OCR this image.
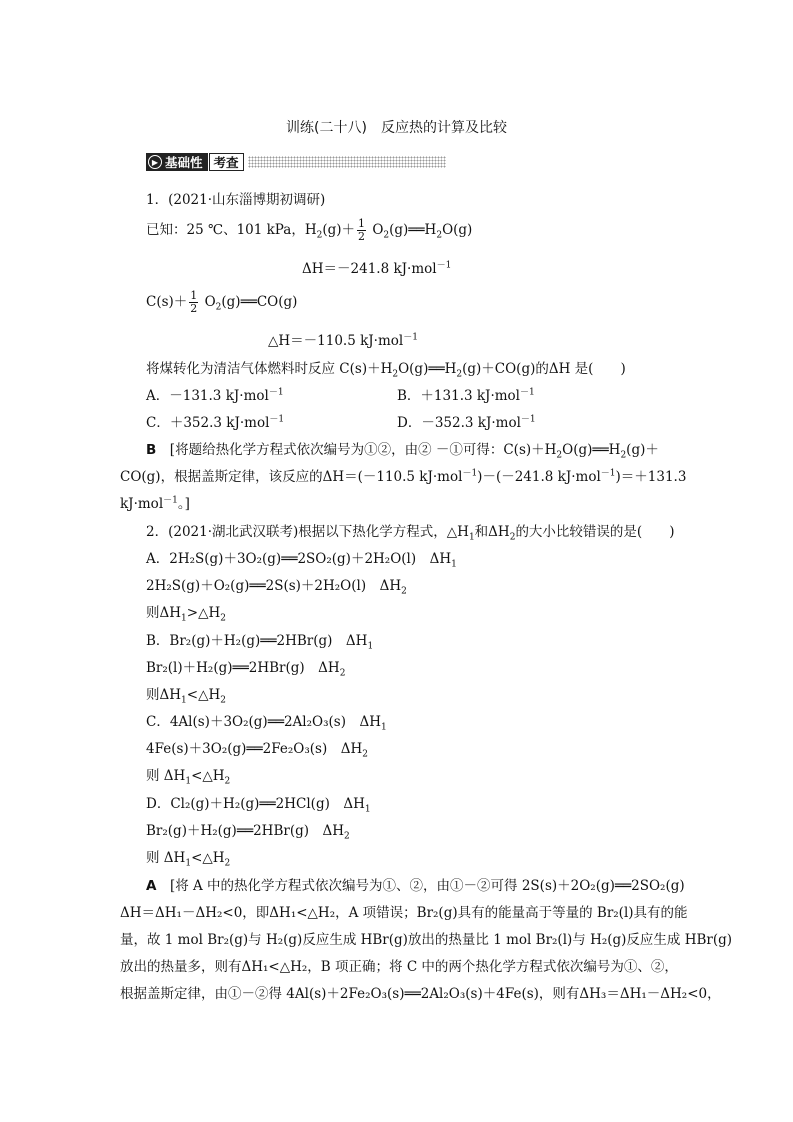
训练(二十八)　反应热的计算及比较
▶ 基础性 考查
1．(2021·山东淄博期初调研)
已知：25 ℃、101 kPa，$H_2(g)+ \frac{1}{2}$ $O_2(g)══H_2O(g)$
ΔH＝－241.8 kJ·mol$^{-1}$
$C(s)+ \frac{1}{2}$ $O_2(g)══CO(g)$
△H＝－110.5 kJ·mol$^{-1}$
将煤转化为清洁气体燃料时反应 $C(s)+H_2O(g)══H_2(g)+CO(g)$的ΔH 是(　　)
A．－131.3 kJ·mol$^{-1}$	B．＋131.3 kJ·mol$^{-1}$
C．＋352.3 kJ·mol$^{-1}$	D．－352.3 kJ·mol$^{-1}$
B　[将题给热化学方程式依次编号为①②，由② －①可得：$C(s)+H_2O(g)══H_2(g)+$
CO(g)，根据盖斯定律，该反应的ΔH＝(－110.5 kJ·mol$^{-1}$)－(－241.8 kJ·mol$^{-1}$)＝＋131.3
kJ·mol$^{-1}$。]
2．(2021·湖北武汉联考)根据以下热化学方程式，$\triangle H_1$和$\Delta H_2$的大小比较错误的是(　　)
A．2H₂S(g)＋3O₂(g)══2SO₂(g)＋2H₂O(l)　$\Delta H_1$
2H₂S(g)＋O₂(g)══2S(s)＋2H₂O(l)　$\Delta H_2$
则$\Delta H_1>\triangle H_2$
B．Br₂(g)＋H₂(g)══2HBr(g)　$\Delta H_1$
Br₂(l)＋H₂(g)══2HBr(g)　$\Delta H_2$
则$\Delta H_1<\triangle H_2$
C．4Al(s)＋3O₂(g)══2Al₂O₃(s)　$\Delta H_1$
4Fe(s)＋3O₂(g)══2Fe₂O₃(s)　$\Delta H_2$
则 $\Delta H_1<\triangle H_2$
D．Cl₂(g)＋H₂(g)══2HCl(g)　$\Delta H_1$
Br₂(g)＋H₂(g)══2HBr(g)　$\Delta H_2$
则 $\Delta H_1<\triangle H_2$
A　[将 A 中的热化学方程式依次编号为①、②，由①－②可得 2S(s)＋2O₂(g)══2SO₂(g)
ΔH＝ΔH₁－ΔH₂<0，即ΔH₁<△H₂，A 项错误；Br₂(g)具有的能量高于等量的 Br₂(l)具有的能
量，故 1 mol Br₂(g)与 H₂(g)反应生成 HBr(g)放出的热量比 1 mol Br₂(l)与 H₂(g)反应生成 HBr(g)
放出的热量多，则有ΔH₁<△H₂，B 项正确；将 C 中的两个热化学方程式依次编号为①、②，
根据盖斯定律，由①－②得 4Al(s)＋2Fe₂O₃(s)══2Al₂O₃(s)＋4Fe(s)，则有ΔH₃＝ΔH₁－ΔH₂<0，
